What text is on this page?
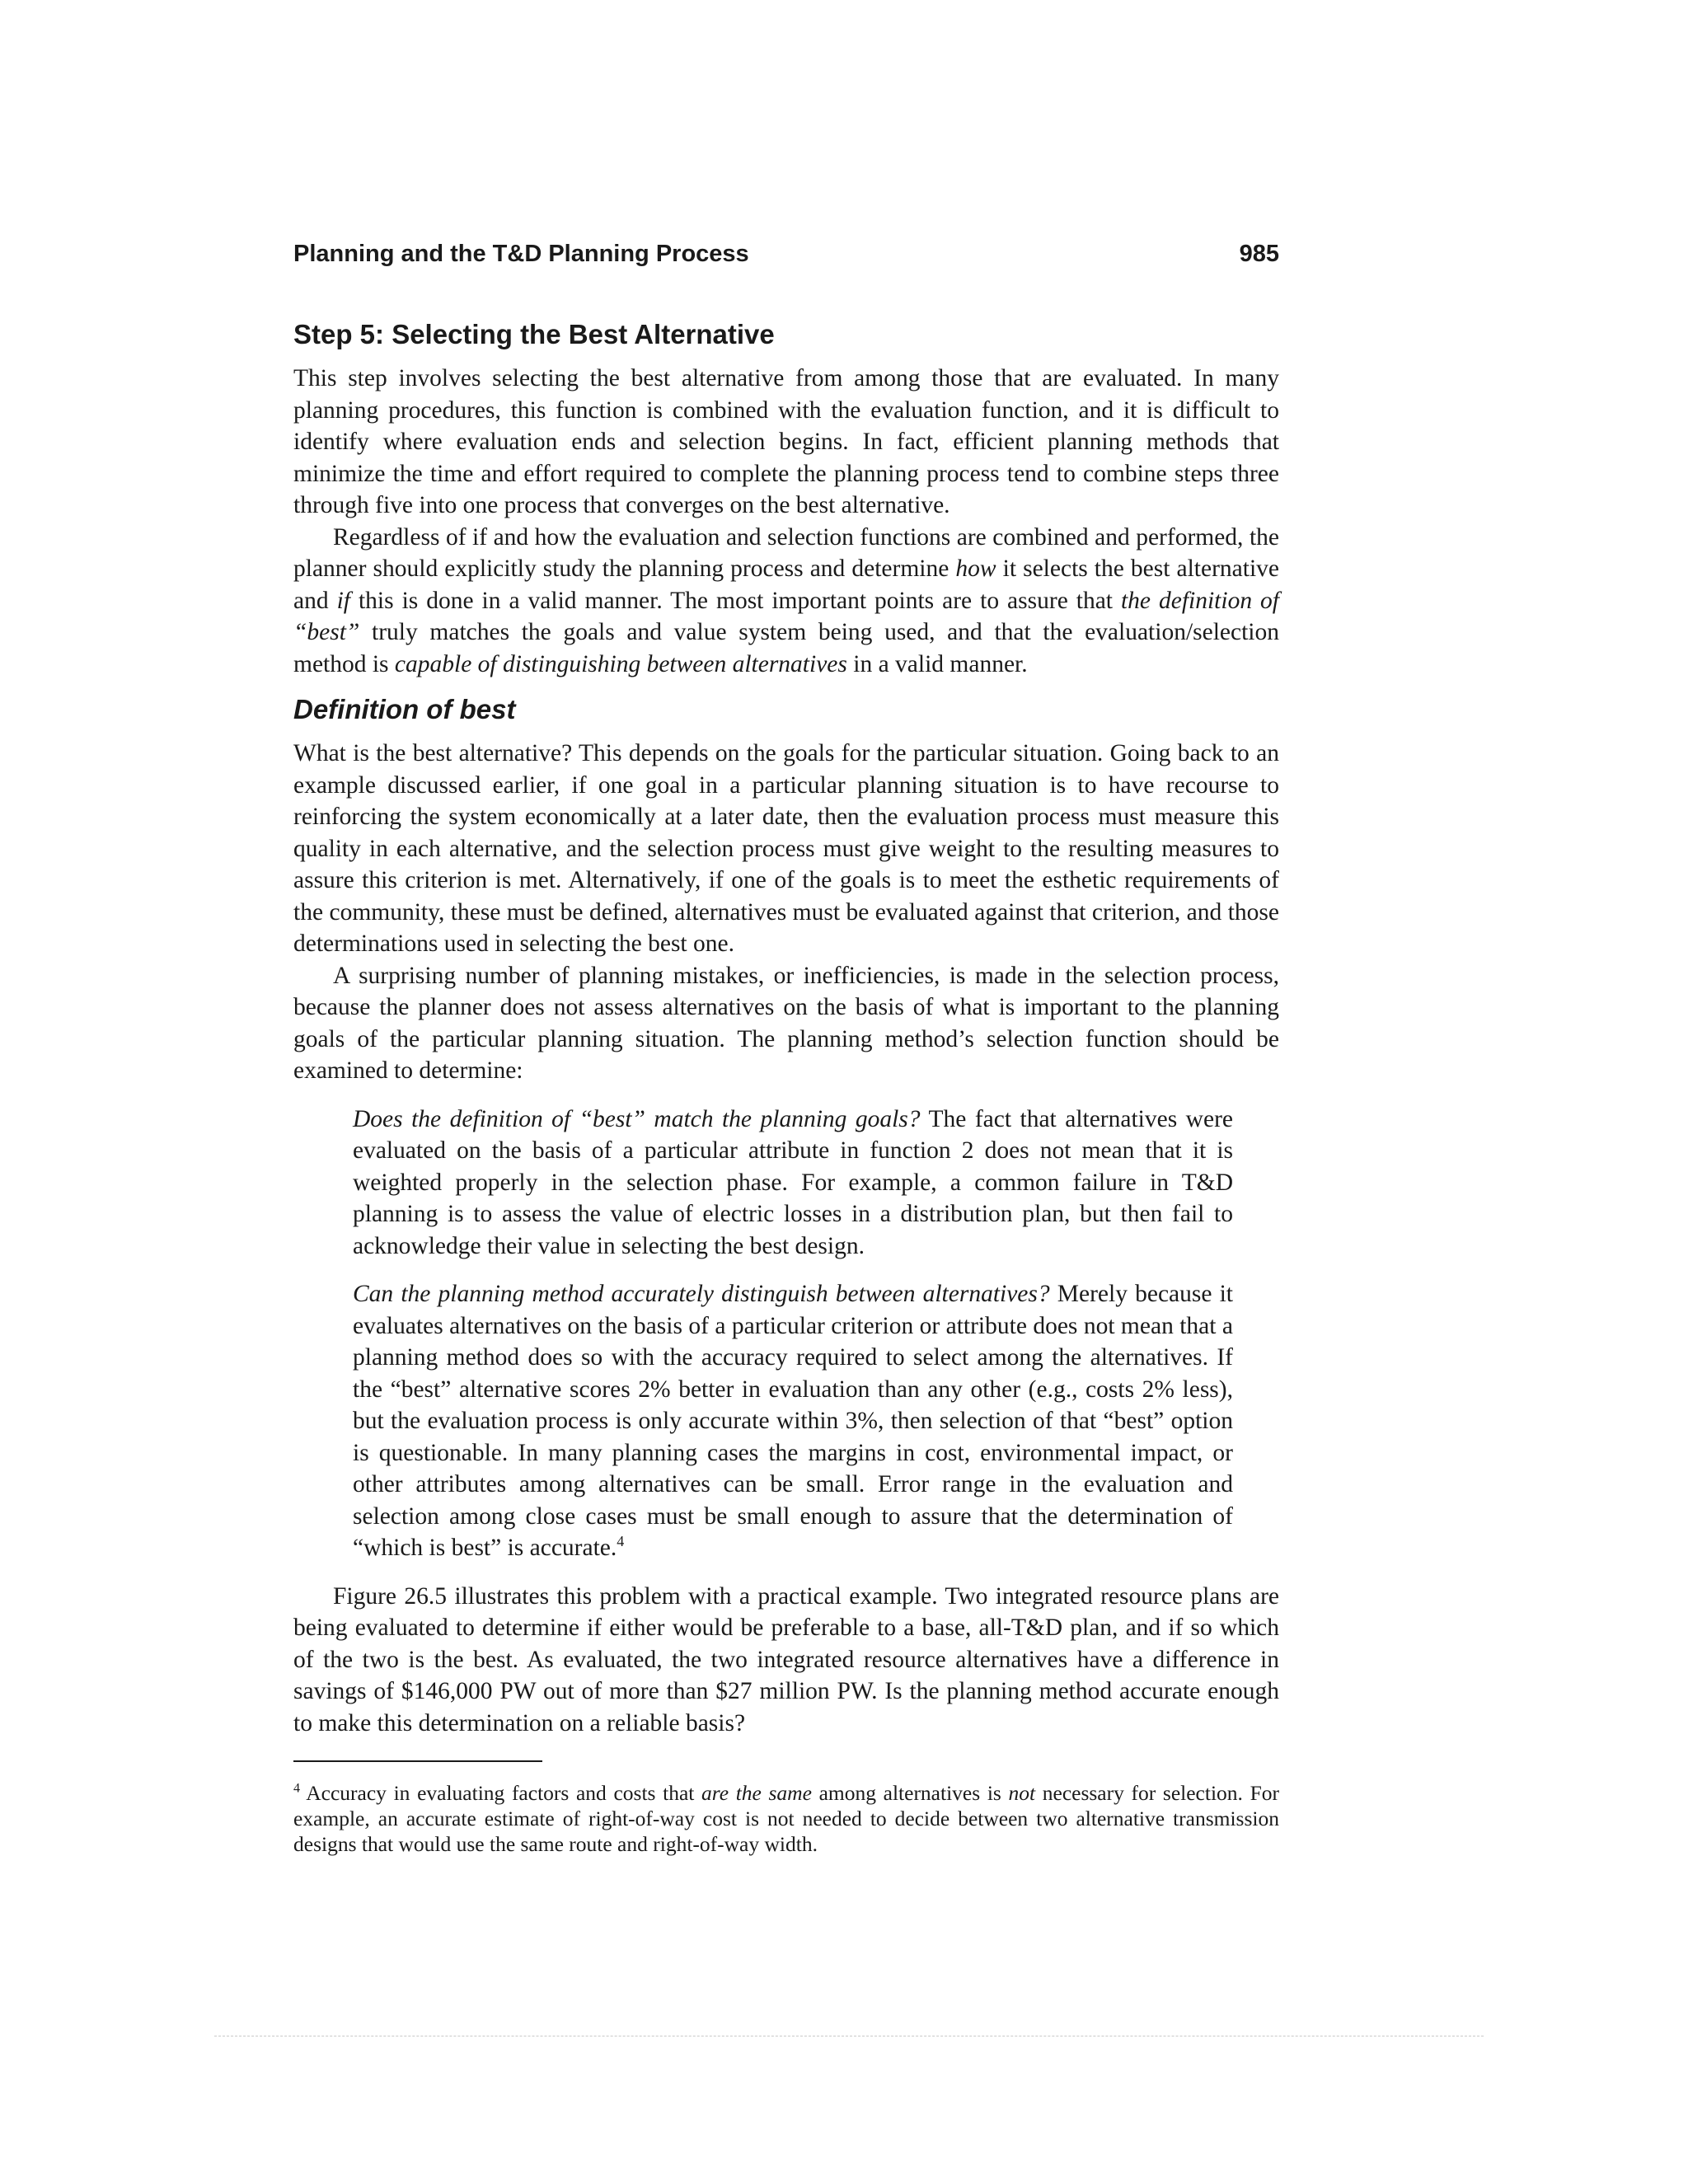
Planning and the T&D Planning Process	985
Step 5: Selecting the Best Alternative

This step involves selecting the best alternative from among those that are evaluated. In many planning procedures, this function is combined with the evaluation function, and it is difficult to identify where evaluation ends and selection begins. In fact, efficient planning methods that minimize the time and effort required to complete the planning process tend to combine steps three through five into one process that converges on the best alternative.

Regardless of if and how the evaluation and selection functions are combined and performed, the planner should explicitly study the planning process and determine how it selects the best alternative and if this is done in a valid manner. The most important points are to assure that the definition of “best” truly matches the goals and value system being used, and that the evaluation/selection method is capable of distinguishing between alternatives in a valid manner.

Definition of best

What is the best alternative? This depends on the goals for the particular situation. Going back to an example discussed earlier, if one goal in a particular planning situation is to have recourse to reinforcing the system economically at a later date, then the evaluation process must measure this quality in each alternative, and the selection process must give weight to the resulting measures to assure this criterion is met. Alternatively, if one of the goals is to meet the esthetic requirements of the community, these must be defined, alternatives must be evaluated against that criterion, and those determinations used in selecting the best one.

A surprising number of planning mistakes, or inefficiencies, is made in the selection process, because the planner does not assess alternatives on the basis of what is important to the planning goals of the particular planning situation. The planning method’s selection function should be examined to determine:

Does the definition of “best” match the planning goals? The fact that alternatives were evaluated on the basis of a particular attribute in function 2 does not mean that it is weighted properly in the selection phase. For example, a common failure in T&D planning is to assess the value of electric losses in a distribution plan, but then fail to acknowledge their value in selecting the best design.

Can the planning method accurately distinguish between alternatives? Merely because it evaluates alternatives on the basis of a particular criterion or attribute does not mean that a planning method does so with the accuracy required to select among the alternatives. If the “best” alternative scores 2% better in evaluation than any other (e.g., costs 2% less), but the evaluation process is only accurate within 3%, then selection of that “best” option is questionable. In many planning cases the margins in cost, environmental impact, or other attributes among alternatives can be small. Error range in the evaluation and selection among close cases must be small enough to assure that the determination of “which is best” is accurate.$^4$

Figure 26.5 illustrates this problem with a practical example. Two integrated resource plans are being evaluated to determine if either would be preferable to a base, all-T&D plan, and if so which of the two is the best. As evaluated, the two integrated resource alternatives have a difference in savings of $146,000 PW out of more than $27 million PW. Is the planning method accurate enough to make this determination on a reliable basis?

$^4$ Accuracy in evaluating factors and costs that are the same among alternatives is not necessary for selection. For example, an accurate estimate of right-of-way cost is not needed to decide between two alternative transmission designs that would use the same route and right-of-way width.
